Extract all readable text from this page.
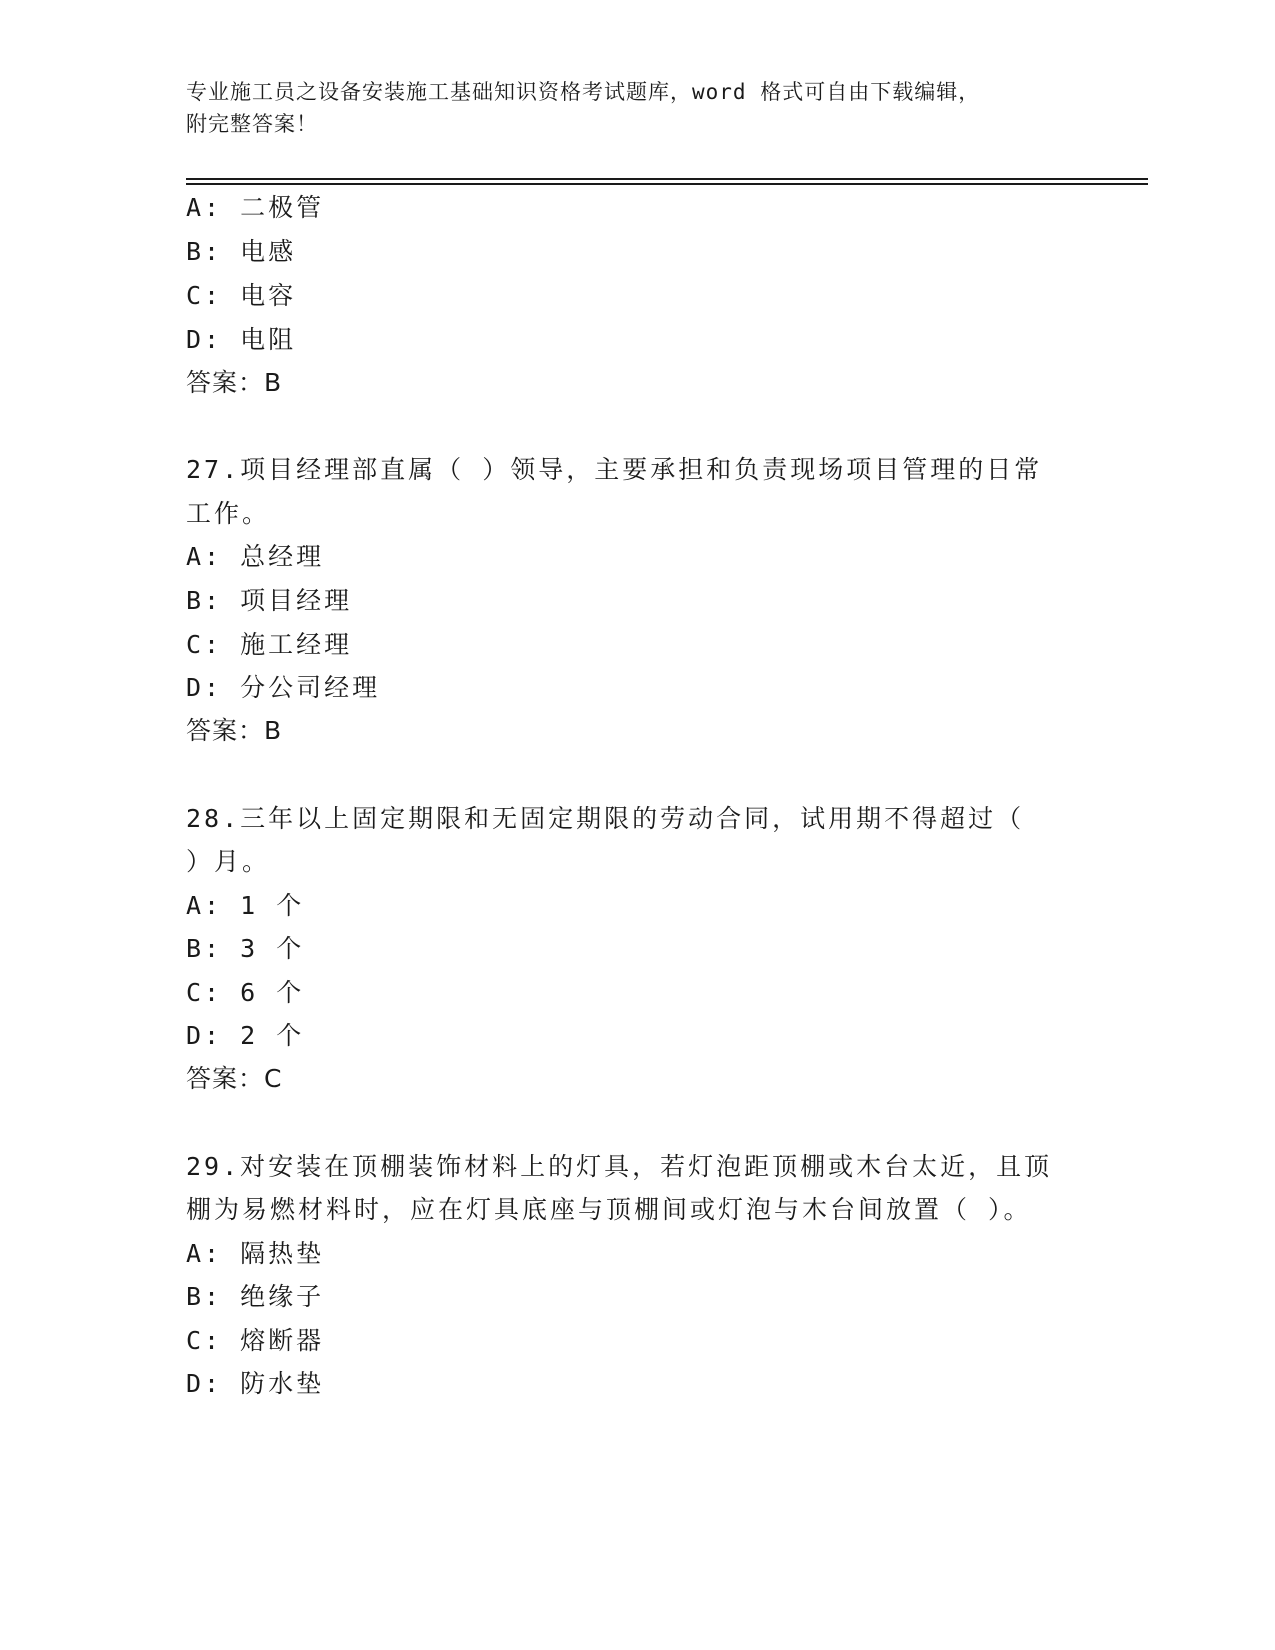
专业施工员之设备安装施工基础知识资格考试题库，word 格式可自由下载编辑，
附完整答案！
A: 二极管
B: 电感
C: 电容
D: 电阻
答案：B
27.项目经理部直属（ ）领导，主要承担和负责现场项目管理的日常
工作。
A: 总经理
B: 项目经理
C: 施工经理
D: 分公司经理
答案：B
28.三年以上固定期限和无固定期限的劳动合同，试用期不得超过（
）月。
A: 1 个
B: 3 个
C: 6 个
D: 2 个
答案：C
29.对安装在顶棚装饰材料上的灯具，若灯泡距顶棚或木台太近，且顶
棚为易燃材料时，应在灯具底座与顶棚间或灯泡与木台间放置（ ）。
A: 隔热垫
B: 绝缘子
C: 熔断器
D: 防水垫
